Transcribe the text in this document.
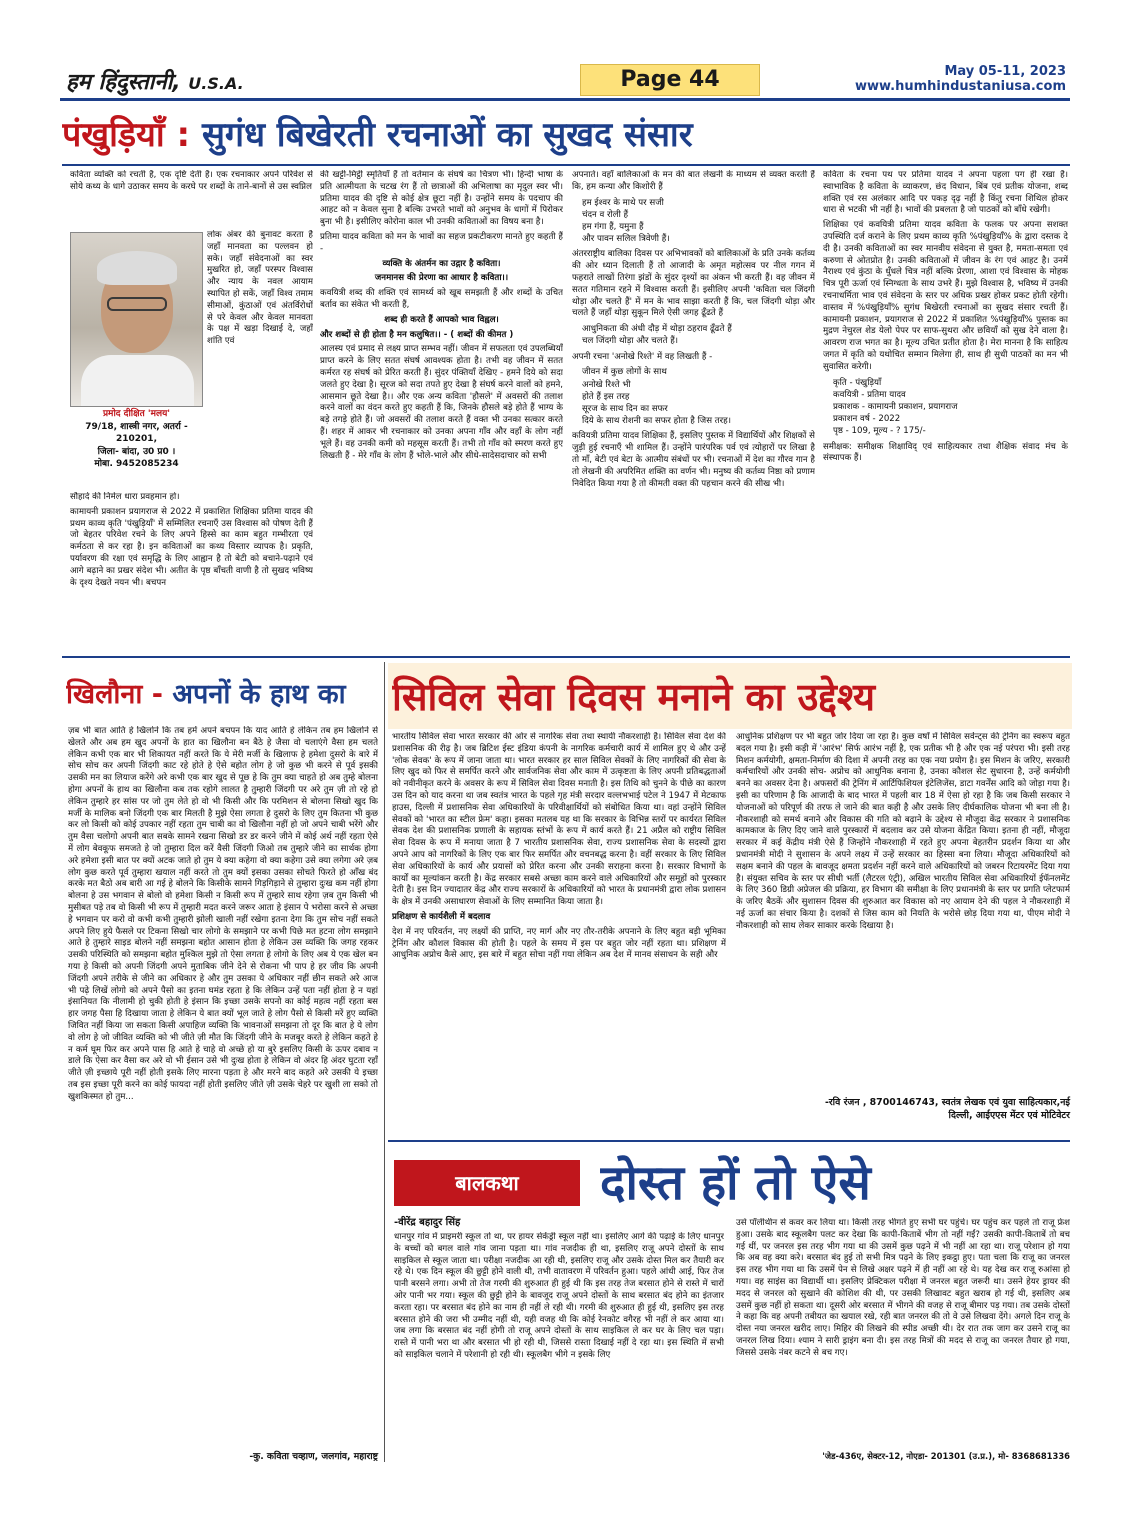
हम हिंदुस्तानी, U.S.A.	Page 44	May 05-11, 2023
www.humhindustaniusa.com
पंखुड़ियाँ : सुगंध बिखेरती रचनाओं का सुखद संसार

कविता व्यक्ति को रचती है, एक दृष्टि देती है। एक रचनाकार अपने परिवेश से सोये कथ्य के धागे उठाकर समय के करघे पर शब्दों के ताने-बानों से उस स्वप्निल

प्रमोद दीक्षित 'मलय'
79/18, शास्त्री नगर, अतर्रा -
210201,
जिला- बांदा, उ0 प्र0 ।
मोबा. 9452085234

लोक अंबर की बुनावट करता है जहाँ मानवता का पल्लवन हो सके। जहाँ संवेदनाओं का स्वर मुखरित हो, जहाँ परस्पर विश्वास और न्याय के नवल आयाम स्थापित हो सकें, जहाँ विश्व तमाम सीमाओं, कुंठाओं एवं अंतर्विरोधों से परे केवल और केवल मानवता के पक्ष में खड़ा दिखाई दे, जहाँ शांति एवं

सौहार्द की निर्मल धारा प्रवहमान हो।

कामायनी प्रकाशन प्रयागराज से 2022 में प्रकाशित शिक्षिका प्रतिमा यादव की प्रथम काव्य कृति 'पंखुड़ियाँ' में सम्मिलित रचनाएँ उस विश्वास को पोषण देती हैं जो बेहतर परिवेश रचने के लिए अपने हिस्से का काम बहुत गम्भीरता एवं कर्मठता से कर रहा है। इन कविताओं का कथ्य विस्तार व्यापक है। प्रकृति, पर्यावरण की रक्षा एवं समृद्धि के लिए आह्वान है तो बेटी को बचाने-पढ़ाने एवं आगे बढ़ाने का प्रखर संदेश भी। अतीत के पृष्ठ बाँचती वाणी है तो सुखद भविष्य के दृश्य देखते नयन भी। बचपन

की खट्टी-मिट्ठी स्मृतियाँ हैं तो वर्तमान के संघर्ष का चित्रण भी। हिन्दी भाषा के प्रति आत्मीयता के चटख रंग हैं तो छात्राओं की अभिलाषा का मृदुल स्वर भी। प्रतिमा यादव की दृष्टि से कोई क्षेत्र छूटा नहीं है। उन्होंने समय के पदचाप की आहट को न केवल सुना है बल्कि उभरते भावों को अनुभव के धागों में पिरोकर बुना भी है। इसीलिए कोरोना काल भी उनकी कविताओं का विषय बना है।

प्रतिमा यादव कविता को मन के भावों का सहज प्रकटीकरण मानते हुए कहती हैं -

व्यक्ति के अंतर्मन का उद्गार है कविता।

जनमानस की प्रेरणा का आधार है कविता।।

कवयित्री शब्द की शक्ति एवं सामर्थ्य को खूब समझती हैं और शब्दों के उचित बर्ताव का संकेत भी करती हैं,

शब्द ही करते हैं आपको भाव विह्वल।

और शब्दों से ही होता है मन कलुषित।। - ( शब्दों की कीमत )

आलस्य एवं प्रमाद से लक्ष्य प्राप्त सम्भव नहीं। जीवन में सफलता एवं उपलब्धियाँ प्राप्त करने के लिए सतत संघर्ष आवश्यक होता है। तभी वह जीवन में सतत कर्मरत रह संघर्ष को प्रेरित करती हैं। सुंदर पंक्तियाँ देखिए - हमने दिये को सदा जलते हुए देखा है। सूरज को सदा तपते हुए देखा है संघर्ष करने वालों को हमने, आसमान छूते देखा है।। और एक अन्य कविता 'हौसले' में अवसरों की तलाश करने वालों का वंदन करते हुए कहती हैं कि, जिनके हौसले बड़े होते हैं भाग्य के बड़े तगड़े होते हैं। जो अवसरों की तलाश करते हैं वक्त भी उनका सत्कार करते हैं। शहर में आकर भी रचनाकार को उनका अपना गाँव और वहाँ के लोग नहीं भूले हैं। वह उनकी कमी को महसूस करती हैं। तभी तो गाँव को स्मरण करते हुए लिखती हैं - मेरे गाँव के लोग हैं भोले-भाले और सीधे-सादेसदाचार को सभी

अपनाते। वहाँ बालिकाओं के मन की बात लेखनी के माध्यम से व्यक्त करती हैं कि, हम कन्या और किशोरी हैं

हम ईश्वर के माथे पर सजी
चंदन व रोली हैं
हम गंगा हैं, यमुना हैं
और पावन सलिल त्रिवेणी हैं।

अंतरराष्ट्रीय बालिका दिवस पर अभिभावकों को बालिकाओं के प्रति उनके कर्तव्य की ओर ध्यान दिलाती हैं तो आजादी के अमृत महोत्सव पर नील गगन में फहराते लाखों तिरंगा झंडों के सुंदर दृश्यों का अंकन भी करती हैं। वह जीवन में सतत गतिमान रहने में विश्वास करती हैं। इसीलिए अपनी 'कविता चल जिंदगी थोड़ा और चलते हैं' में मन के भाव साझा करती हैं कि, चल जिंदगी थोड़ा और चलते हैं जहाँ थोड़ा सुकून मिले ऐसी जगह ढूँढते हैं

आधुनिकता की अंधी दौड़ में थोड़ा ठहराव ढूँढते हैं
चल जिंदगी थोड़ा और चलते हैं।

अपनी रचना 'अनोखे रिश्ते' में वह लिखती हैं -

जीवन में कुछ लोगों के साथ
अनोखे रिश्ते भी
होते हैं इस तरह
सूरज के साथ दिन का सफर
दिये के साथ रोशनी का सफर होता है जिस तरह।

कवियत्री प्रतिमा यादव शिक्षिका हैं, इसलिए पुस्तक में विद्यार्थियों और शिक्षकों से जुड़ी हुई रचनाएँ भी शामिल हैं। उन्होंने पारंपरिक पर्व एवं त्योहारों पर लिखा है तो माँ, बेटी एवं बेटा के आत्मीय संबंधों पर भी। रचनाओं में देश का गौरव गान है तो लेखनी की अपरिमित शक्ति का वर्णन भी। मनुष्य की कर्तव्य निष्ठा को प्रणाम निवेदित किया गया है तो कीमती वक्त की पहचान करने की सीख भी।

कविता के रचना पथ पर प्रतिमा यादव ने अपना पहला पग ही रखा है। स्वाभाविक है कविता के व्याकरण, छंद विधान, बिंब एवं प्रतीक योजना, शब्द शक्ति एवं रस अलंकार आदि पर पकड़ दृढ़ नहीं है किंतु रचना शिथिल होकर धारा से भटकी भी नहीं है। भावों की प्रबलता है जो पाठकों को बाँधे रखेगी।

शिक्षिका एवं कवयित्री प्रतिमा यादव कविता के फलक पर अपना सशक्त उपस्थिति दर्ज कराने के लिए प्रथम काव्य कृति %पंखुड़ियाँ% के द्वारा दस्तक दे दी है। उनकी कविताओं का स्वर मानवीय संवेदना से युक्त है, ममता-समता एवं करुणा से ओतप्रोत है। उनकी कविताओं में जीवन के रंग एवं आहट है। उनमें नैराश्य एवं कुंठा के धुँधले चित्र नहीं बल्कि प्रेरणा, आशा एवं विश्वास के मोहक चित्र पूरी ऊर्जा एवं स्निग्धता के साथ उभरे हैं। मुझे विश्वास है, भविष्य में उनकी रचनाधर्मिता भाव एवं संवेदना के स्तर पर अधिक प्रखर होकर प्रकट होती रहेगी। वास्तव में %पंखुड़ियाँ% सुगंध बिखेरती रचनाओं का सुखद संसार रचती हैं। कामायनी प्रकाशन, प्रयागराज से 2022 में प्रकाशित %पंखुड़ियाँ% पुस्तक का मुद्रण नेचुरल शेड येलो पेपर पर साफ-सुथरा और छवियाँ को सुख देने वाला है। आवरण राज भगत का है। मूल्य उचित प्रतीत होता है। मेरा मानना है कि साहित्य जगत में कृति को यथोचित सम्मान मिलेगा ही, साथ ही सुधी पाठकों का मन भी सुवासित करेगी।

कृति - पंखुड़ियाँ
कवयित्री - प्रतिमा यादव
प्रकाशक - कामायनी प्रकाशन, प्रयागराज
प्रकाशन वर्ष - 2022
पृष्ठ - 109, मूल्य - ? 175/-

समीक्षक: समीक्षक शिक्षाविद् एवं साहित्यकार तथा शैक्षिक संवाद मंच के संस्थापक हैं।

खिलौना - अपनों के हाथ का	सिविल सेवा दिवस मनाने का उद्देश्य

ज़ब भी बात आति हे खिलोने कि तब हमें अपने बचपन कि याद आति हे लेकिन तब हम खिलोने से खेलते और अब हम खुद अपनों के हात का खिलौना बन बैठे हे जैसा वो चलाएंगे वैसा हम चलते लेकिन कभी एक बार भी शिकायत नहीं करते कि ये मेरी मर्जी के खिलाफ हे हमेशा दुसरो के बारे में सोच सोच कर अपनी जिंदगी काट रहे होते हे ऐसे बहोत लोग हे जो कुछ भी करने से पूर्व इसकी उसकी मन का लियाज करेंगे अरे कभी एक बार खुद से पूछ हे कि तुम क्या चाहते हो अब तुम्हे बोलना होगा अपनों के हाथ का खिलौना कब तक रहोगे लालत है तुम्हारी जिंदगी पर अरे तुम ज़ी तो रहे हो लेकिन तुम्हारे हर सांस पर जो तुम लेते हो वो भी किसी और कि परमिशन से बोलना सिखो खुद कि मर्जी के मालिक बनो जिंदगी एक बार मिलती है मुझे ऐसा लगता हे दुसरो के लिए तुम कितना भी कुछ कर लो किसी को कोई उपकार नहीं रहता तुम चाबी का वो खिलौना नहीं हो जो अपने चाबी भरेंगे और तुम वैसा चलोगो अपनी बात सबके सामने रखना सिखो डर डर करने जीने में कोई अर्थ नहीं रहता ऐसे में लोग बेवकूफ समजते हे जो तुम्हारा दिल करें वैसी जिंदगी जिओ तब तुम्हारे जीने का सार्थक होगा अरे हमेशा इसी बात पर क्यों अटक जाते हो तुम ये क्या कहेगा वो क्या कहेगा उसे क्या लगेगा अरे ज़ब लोग कुछ करते पूर्व तुम्हारा खयाल नहीं करते तो तुम क्यों इसका उसका सोचते फिरते हो आँख बंद करके मत बैठो अब बारी आ गई हे बोलने कि किसीके सामने गिड़गिड़ाने से तुम्हारा दुःख कम नहीं होगा बोलना हे उस भगवान से बोलो वो हमेशा किसी न किसी रूप में तुम्हारे साथ रहेगा ज़ब तुम किसी भी मुसीबत पड़े तब वो किसी भी रूप में तुम्हारी मदत करने जरूर आता हे इंसान पे भरोसा करने से अच्छा हे भगवान पर करो वो कभी कभी तुम्हारी झोली खाली नहीं रखेगा इतना देगा कि तुम सोच नहीं सकते अपने लिए हुये फैसले पर टिकना सिखो चार लोगो के समझाने पर कभी पिछे मत हटना लोग समझाने आते हे तुम्हारे साइड बोलने नहीं समझना बहोत आसान होता हे लेकिन उस व्यक्ति कि जगह रहकर उसकी परिस्थिति को समझना बहोत मुश्किल मुझे तो ऐसा लगता हे लोगो के लिए अब ये एक खेल बन गया हे किसी को अपनी जिंदगी अपने मुताबिक जीने देने से रोकना भी पाप हे हर जीव कि अपनी जिंदगी अपने तरीके से जीने का अधिकार हे और तुम उसका ये अधिकार नहीं छीन सकते अरे आज भी पढ़े लिखें लोगो को अपने पैसो का इतना घमंड रहता हे कि लेकिन उन्हें पता नहीं होता हे न यहां इंसानियत कि नीलामी हो चुकी होती हे इंसान कि इच्छा उसके सपनो का कोई महत्व नहीं रहता बस हार जगह पैसा हि दिखाया जाता हे लेकिन ये बात क्यों भूल जाते हे लोग पैसो से किसी मरें हुए व्यक्ति जिवित नहीं किया जा सकता किसी अपाहिज व्यक्ति कि भावनाओं समझना तो दूर कि बात हे ये लोग वो लोग हे जो जीवित व्यक्ति को भी जीते ज़ी मौत कि जिंदगी जीने के मजबूर करते हे लेकिन कहते हे न कर्म घूम फिर कर अपने पास हि आते हे चाहे वो अच्छे हो या बुरे इसलिए किसी के ऊपर दबाव न डाले कि ऐसा कर वैसा कर अरे वो भी ईसान उसे भी दुःख होता हे लेकिन वो अंदर हि अंदर घुटता रहाँ जीते ज़ी इच्छाये पूरी नहीं होती इसके लिए मारना पड़ता हे और मरने बाद कहते अरे उसकी ये इच्छा तब इस इच्छा पूरी करने का कोई फायदा नहीं होती इसलिए जीते ज़ी उसके चेहरे पर खुशी ला सको तो खुशकिस्मत हो तुम...

-कु. कविता चव्हाण, जलगांव, महाराष्ट्र

भारतीय सिविल सेवा भारत सरकार की ओर से नागरिक सेवा तथा स्थायी नौकरशाही है। सिविल सेवा देश की प्रशासनिक की रीढ़ है। जब ब्रिटिश ईस्ट इंडिया कंपनी के नागरिक कर्मचारी कार्य में शामिल हुए थे और उन्हें 'लोक सेवक' के रूप में जाना जाता था। भारत सरकार हर साल सिविल सेवकों के लिए नागरिकों की सेवा के लिए खुद को फिर से समर्पित करने और सार्वजनिक सेवा और काम में उत्कृष्टता के लिए अपनी प्रतिबद्धताओं को नवीनीकृत करने के अवसर के रूप में सिविल सेवा दिवस मनाती है। इस तिथि को चुनने के पीछे का कारण उस दिन को याद करना था जब स्वतंत्र भारत के पहले गृह मंत्री सरदार वल्लभभाई पटेल ने 1947 में मेटकाफ हाउस, दिल्ली में प्रशासनिक सेवा अधिकारियों के परिवीक्षार्थियों को संबोधित किया था। वहां उन्होंने सिविल सेवकों को 'भारत का स्टील फ्रेम' कहा। इसका मतलब यह था कि सरकार के विभिन्न स्तरों पर कार्यरत सिविल सेवक देश की प्रशासनिक प्रणाली के सहायक स्तंभों के रूप में कार्य करते हैं। 21 अप्रैल को राष्ट्रीय सिविल सेवा दिवस के रूप में मनाया जाता है 7 भारतीय प्रशासनिक सेवा, राज्य प्रशासनिक सेवा के सदस्यों द्वारा अपने आप को नागरिकों के लिए एक बार फिर समर्पित और वचनबद्ध करना है। वहीं सरकार के लिए सिविल सेवा अधिकारियों के कार्य और प्रयासों को प्रेरित करना और उनकी सराहना करना है। सरकार विभागों के कार्यों का मूल्यांकन करती है। केंद्र सरकार सबसे अच्छा काम करने वाले अधिकारियों और समूहों को पुरस्कार देती है। इस दिन ज्यादातर केंद्र और राज्य सरकारों के अधिकारियों को भारत के प्रधानमंत्री द्वारा लोक प्रशासन के क्षेत्र में उनकी असाधारण सेवाओं के लिए सम्मानित किया जाता है।

प्रशिक्षण से कार्यशैली में बदलाव

देश में नए परिवर्तन, नए लक्ष्यों की प्राप्ति, नए मार्ग और नए तौर-तरीके अपनाने के लिए बहुत बड़ी भूमिका ट्रेनिंग और कौशल विकास की होती है। पहले के समय में इस पर बहुत जोर नहीं रहता था। प्रशिक्षण में आधुनिक अप्रोच कैसे आए, इस बारे में बहुत सोचा नहीं गया लेकिन अब देश में मानव संसाधन के सही और

आधुनिक प्रशिक्षण पर भी बहुत जोर दिया जा रहा है। कुछ वर्षों में सिविल सर्वेन्ट्स की ट्रेनिंग का स्वरूप बहुत बदल गया है। इसी कड़ी में 'आरंभ' सिर्फ आरंभ नहीं है, एक प्रतीक भी है और एक नई परंपरा भी। इसी तरह मिशन कर्मयोगी, क्षमता-निर्माण की दिशा में अपनी तरह का एक नया प्रयोग है। इस मिशन के जरिए, सरकारी कर्मचारियों और उनकी सोच- अप्रोच को आधुनिक बनाना है, उनका कौशल सेट सुधारना है, उन्हें कर्मयोगी बनने का अवसर देना है। अफसरों की ट्रेनिंग में आर्टिफिशियल इंटेलिजेंस, डाटा गवर्नेंस आदि को जोड़ा गया है। इसी का परिणाम है कि आजादी के बाद भारत में पहली बार 18 में ऐसा हो रहा है कि जब किसी सरकार ने योजनाओं को परिपूर्ण की तरफ ले जाने की बात कही है और उसके लिए दीर्घकालिक योजना भी बना ली है। नौकरशाही को समर्थ बनाने और विकास की गति को बढ़ाने के उद्देश्य से मौजूदा केंद्र सरकार ने प्रशासनिक कामकाज के लिए दिए जाने वाले पुरस्कारों में बदलाव कर उसे योजना केंद्रित किया। इतना ही नहीं, मौजूदा सरकार में कई केंद्रीय मंत्री ऐसे हैं जिन्होंने नौकरशाही में रहते हुए अपना बेहतरीन प्रदर्शन किया था और प्रधानमंत्री मोदी ने सुशासन के अपने लक्ष्य में उन्हें सरकार का हिस्सा बना लिया। मौजूदा अधिकारियों को सक्षम बनाने की पहल के बावजूद क्षमता प्रदर्शन नहीं करने वाले अधिकारियों को जबरन रिटायरमेंट दिया गया है। संयुक्त सचिव के स्तर पर सीधी भर्ती (लैटरल एंट्री), अखिल भारतीय सिविल सेवा अधिकारियों ईफॅनलमेंट के लिए 360 डिग्री अप्रेजल की प्रक्रिया, हर विभाग की समीक्षा के लिए प्रधानमंत्री के स्तर पर प्रगति प्लेटफार्म के जरिए बैठकें और सुशासन दिवस की शुरुआत कर विकास को नए आयाम देने की पहल ने नौकरशाही में नई ऊर्जा का संचार किया है। दशकों से जिस काम को नियति के भरोसे छोड़ दिया गया था, पीएम मोदी ने नौकरशाही को साथ लेकर साकार करके दिखाया है।

-रवि रंजन , 8700146743, स्वतंत्र लेखक एवं युवा साहित्यकार,नई
दिल्ली, आईएएस मेंटर एवं मोटिवेटर
बालकथा	दोस्त हों तो ऐसे
-वीरेंद्र बहादुर सिंह

धानपुर गांव में प्राइमरी स्कूल तो था, पर हायर सेकेंड्री स्कूल नहीं था। इसलिए आगे की पढ़ाई के लिए धानपुर के बच्चों को बगल वाले गांव जाना पड़ता था। गांव नजदीक ही था, इसलिए राजू अपने दोस्तों के साथ साइकिल से स्कूल जाता था। परीक्षा नजदीक आ रही थी, इसलिए राजू और उसके दोस्त मिल कर तैयारी कर रहे थे। एक दिन स्कूल की छुट्टी होने वाली थी, तभी वातावरण में परिवर्तन हुआ। पहले आंधी आई, फिर तेज पानी बरसने लगा। अभी तो तेज गरमी की शुरुआत ही हुई थी कि इस तरह तेज बरसात होने से रास्ते में चारों ओर पानी भर गया। स्कूल की छुट्टी होने के बावजूद राजू अपने दोस्तों के साथ बरसात बंद होने का इंतजार करता रहा। पर बरसात बंद होने का नाम ही नहीं ले रही थी। गरमी की शुरुआत ही हुई थी, इसलिए इस तरह बरसात होने की जरा भी उम्मीद नहीं थी, यही वजह थी कि कोई रेनकोट वगैरह भी नहीं ले कर आया था। जब लगा कि बरसात बंद नहीं होगी तो राजू अपने दोस्तों के साथ साइकिल ले कर घर के लिए चल पड़ा। रास्ते में पानी भरा था और बरसात भी हो रही थी, जिससे रास्ता दिखाई नहीं दे रहा था। इस स्थिति में सभी को साइकिल चलाने में परेशानी हो रही थी। स्कूलबैग भीगे न इसके लिए

उसे पॉलीथीन से कवर कर लिया था। किसी तरह भीगते हुए सभी घर पहुंचे। घर पहुंच कर पहले तो राजू फ्रेश हुआ। उसके बाद स्कूलबैग पलट कर देखा कि कापी-किताबें भीग तो नहीं गईं? उसकी कापी-किताबें तो बच गई थीं, पर जनरल इस तरह भीग गया था की उसमें कुछ पढ़ने में भी नहीं आ रहा था। राजू परेशान हो गया कि अब वह क्या करे। बरसात बंद हुई तो सभी मित्र पढ़ने के लिए इकट्ठा हुए। पता चला कि राजू का जनरल इस तरह भीग गया था कि उसमें पेन से लिखे अक्षर पढ़ने में ही नहीं आ रहे थे। यह देख कर राजू रुआंसा हो गया। वह साइंस का विद्यार्थी था। इसलिए प्रेक्टिकल परीक्षा में जनरल बहुत जरूरी था। उसने हेयर ड्रायर की मदद से जनरल को सुखाने की कोशिश की थी, पर उसकी लिखावट बहुत खराब हो गई थी, इसलिए अब उसमें कुछ नहीं हो सकता था। दूसरी ओर बरसात में भीगने की वजह से राजू बीमार पड़ गया। तब उसके दोस्तों ने कहा कि वह अपनी तबीयत का खयाल रखे, रही बात जनरल की तो वे उसे लिखवा देंगे। अगले दिन राजू के दोस्त नया जनरल खरीद लाए। मिहिर की लिखने की स्पीड अच्छी थी। देर रात तक जाग कर उसने राजू का जनरल लिख दिया। श्याम ने सारी ड्राइंग बना दी। इस तरह मित्रों की मदद से राजू का जनरल तैयार हो गया, जिससे उसके नंबर कटने से बच गए।

'जेड-436ए, सेक्टर-12, नोएडा- 201301 (उ.प्र.), मो- 8368681336
